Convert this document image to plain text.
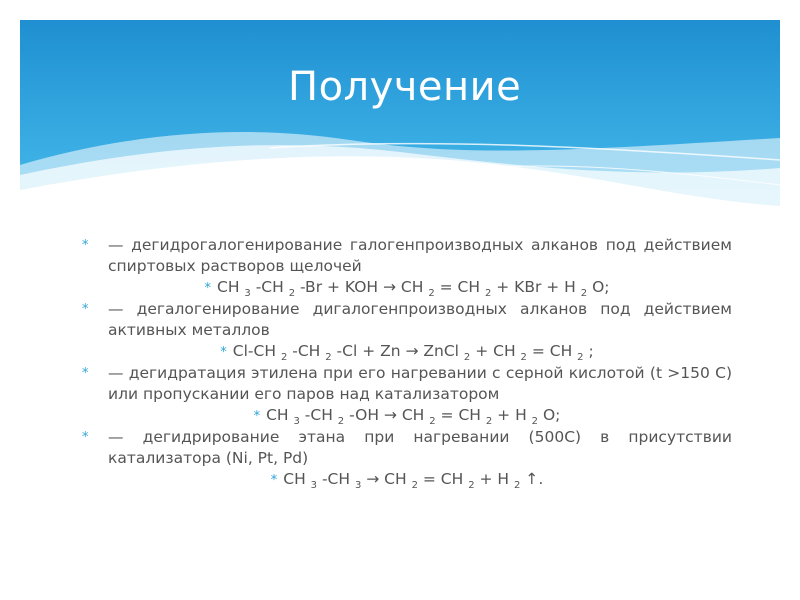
Получение
* — дегидрогалогенирование галогенпроизводных алканов под действием спиртовых растворов щелочей
* CH $_3$ -CH $_2$ -Br + KOH → CH $_2$ = CH $_2$ + KBr + H $_2$ O;
* — дегалогенирование дигалогенпроизводных алканов под действием активных металлов
* Cl-CH $_2$ -CH $_2$ -Cl + Zn → ZnCl $_2$ + CH $_2$ = CH $_2$ ;
* — дегидратация этилена при его нагревании с серной кислотой (t >150 C) или пропускании его паров над катализатором
* CH $_3$ -CH $_2$ -OH → CH $_2$ = CH $_2$ + H $_2$ O;
* — дегидрирование этана при нагревании (500С) в присутствии катализатора (Ni, Pt, Pd)
* CH $_3$ -CH $_3$ → CH $_2$ = CH $_2$ + H $_2$ ↑.
